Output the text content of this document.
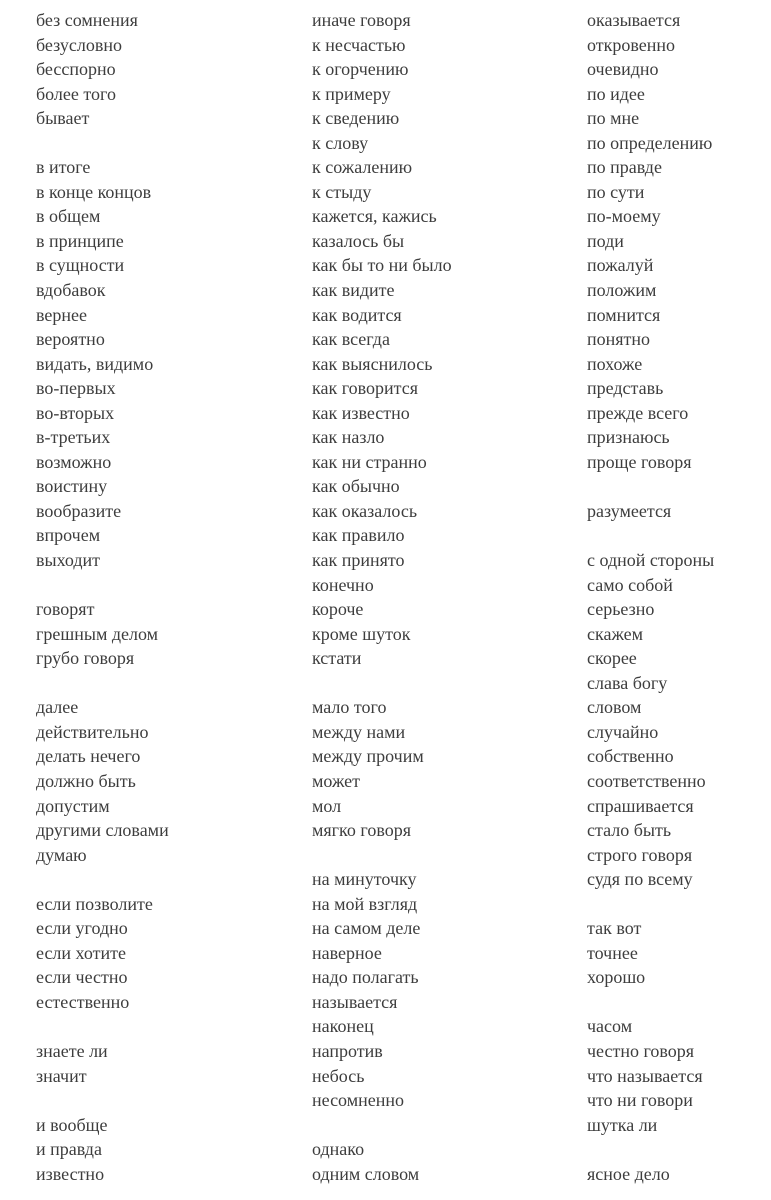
без сомнения
безусловно
бесспорно
более того
бывает
в итоге
в конце концов
в общем
в принципе
в сущности
вдобавок
вернее
вероятно
видать, видимо
во-первых
во-вторых
в-третьих
возможно
воистину
вообразите
впрочем
выходит
говорят
грешным делом
грубо говоря
далее
действительно
делать нечего
должно быть
допустим
другими словами
думаю
если позволите
если угодно
если хотите
если честно
естественно
знаете ли
значит
и вообще
и правда
известно
иначе говоря
к несчастью
к огорчению
к примеру
к сведению
к слову
к сожалению
к стыду
кажется, кажись
казалось бы
как бы то ни было
как видите
как водится
как всегда
как выяснилось
как говорится
как известно
как назло
как ни странно
как обычно
как оказалось
как правило
как принято
конечно
короче
кроме шуток
кстати
мало того
между нами
между прочим
может
мол
мягко говоря
на минуточку
на мой взгляд
на самом деле
наверное
надо полагать
называется
наконец
напротив
небось
несомненно
однако
одним словом
оказывается
откровенно
очевидно
по идее
по мне
по определению
по правде
по сути
по-моему
поди
пожалуй
положим
помнится
понятно
похоже
представь
прежде всего
признаюсь
проще говоря
разумеется
с одной стороны
само собой
серьезно
скажем
скорее
слава богу
словом
случайно
собственно
соответственно
спрашивается
стало быть
строго говоря
судя по всему
так вот
точнее
хорошо
часом
честно говоря
что называется
что ни говори
шутка ли
ясное дело
